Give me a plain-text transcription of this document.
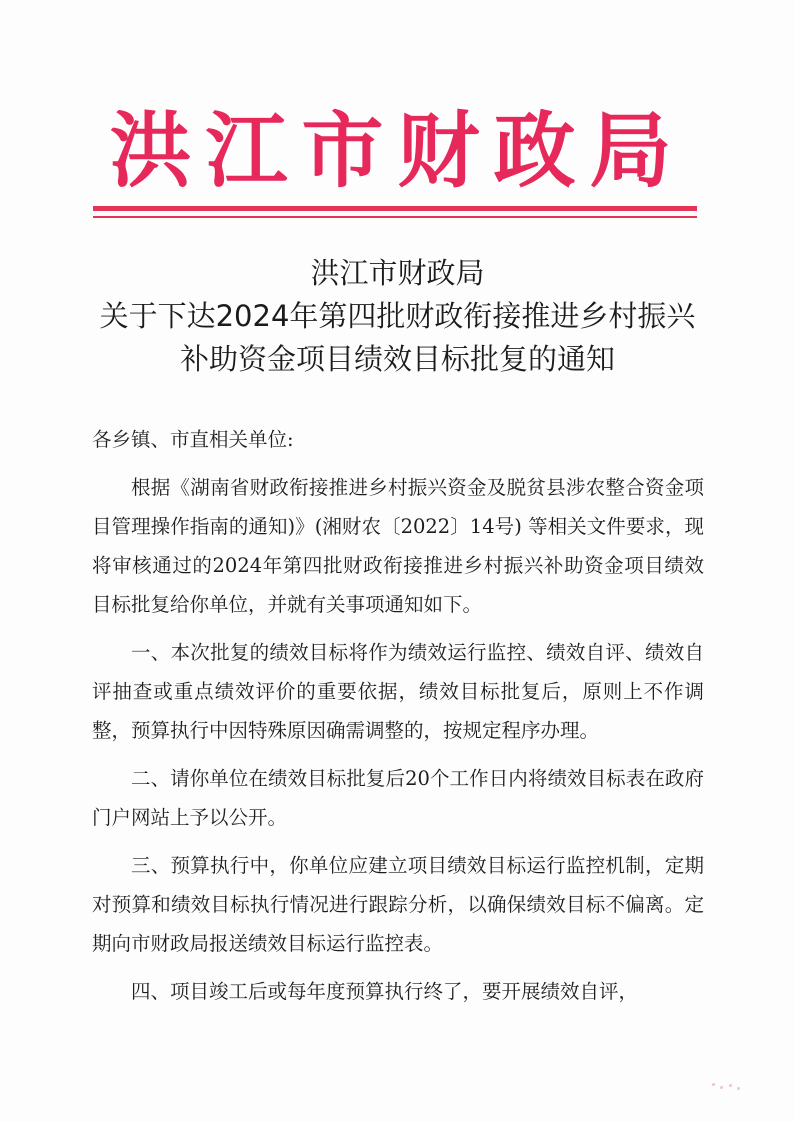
洪江市财政局
洪江市财政局
关于下达2024年第四批财政衔接推进乡村振兴
补助资金项目绩效目标批复的通知

各乡镇、市直相关单位:

根据《湖南省财政衔接推进乡村振兴资金及脱贫县涉农整合资金项目管理操作指南的通知)》(湘财农〔2022〕14号) 等相关文件要求，现将审核通过的2024年第四批财政衔接推进乡村振兴补助资金项目绩效目标批复给你单位，并就有关事项通知如下。

一、本次批复的绩效目标将作为绩效运行监控、绩效自评、绩效自评抽查或重点绩效评价的重要依据，绩效目标批复后，原则上不作调整，预算执行中因特殊原因确需调整的，按规定程序办理。

二、请你单位在绩效目标批复后20个工作日内将绩效目标表在政府门户网站上予以公开。

三、预算执行中，你单位应建立项目绩效目标运行监控机制，定期对预算和绩效目标执行情况进行跟踪分析，以确保绩效目标不偏离。定期向市财政局报送绩效目标运行监控表。

四、项目竣工后或每年度预算执行终了，要开展绩效自评，
